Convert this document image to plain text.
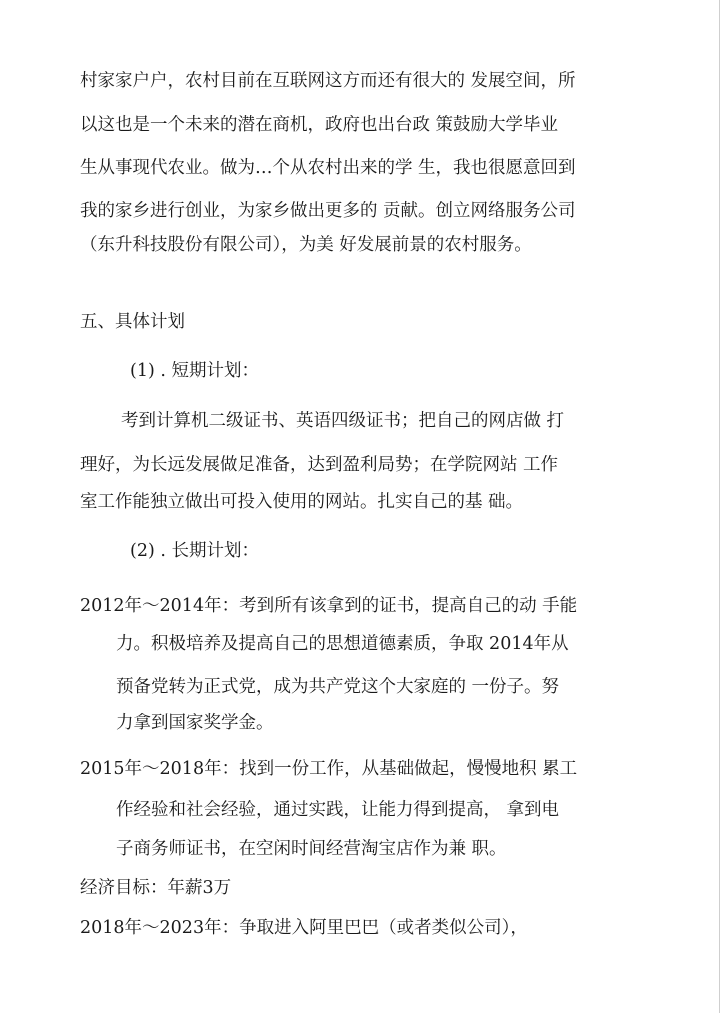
村家家户户，农村目前在互联网这方而还有很大的 发展空间，所
以这也是一个未来的潜在商机，政府也出台政 策鼓励大学毕业
生从事现代农业。做为…个从农村出来的学 生，我也很愿意回到
我的家乡进行创业，为家乡做出更多的 贡献。创立网络服务公司
（东升科技股份有限公司），为美 好发展前景的农村服务。
五、具体计划
(1) . 短期计划：
考到计算机二级证书、英语四级证书；把自己的网店做 打
理好，为长远发展做足准备，达到盈利局势；在学院网站 工作
室工作能独立做出可投入使用的网站。扎实自己的基 础。
(2) . 长期计划：
2012年～2014年：考到所有该拿到的证书，提高自己的动 手能
力。积极培养及提高自己的思想道德素质，争取 2014年从
预备党转为正式党，成为共产党这个大家庭的 一份子。努
力拿到国家奖学金。
2015年～2018年：找到一份工作，从基础做起，慢慢地积 累工
作经验和社会经验，通过实践，让能力得到提高， 拿到电
子商务师证书，在空闲时间经营淘宝店作为兼 职。
经济目标：年薪3万
2018年～2023年：争取进入阿里巴巴（或者类似公司），
